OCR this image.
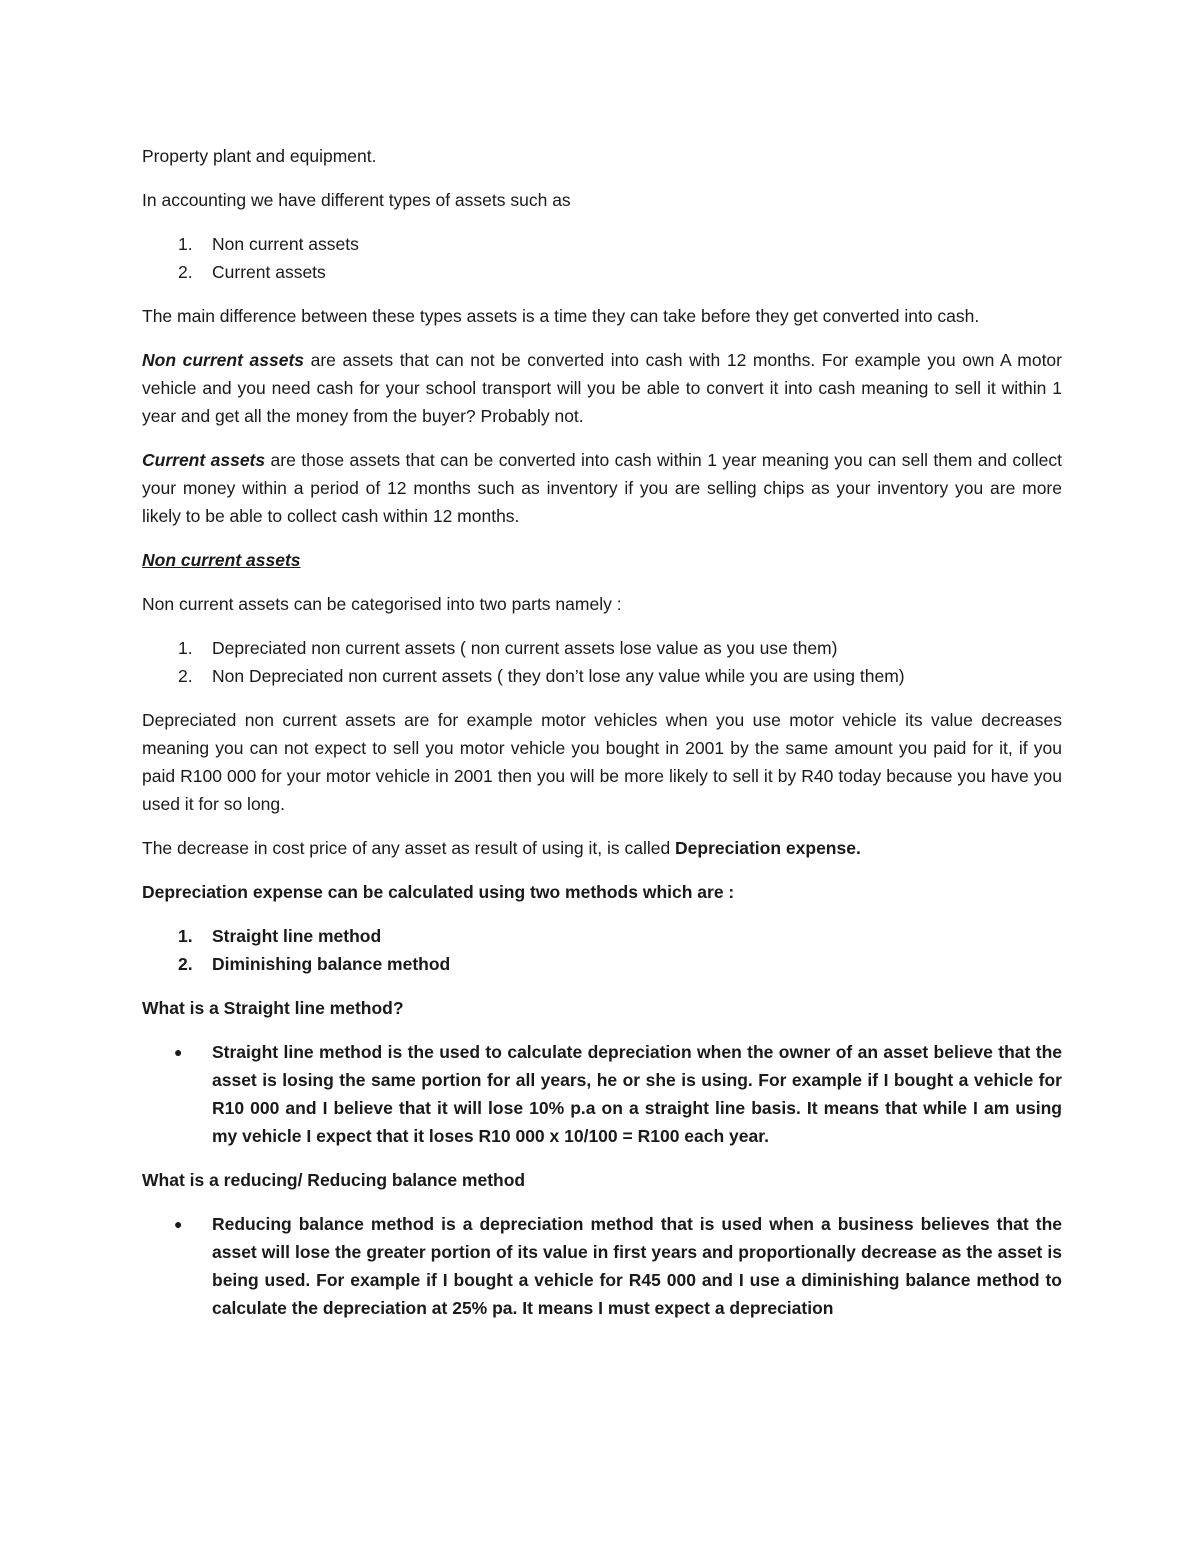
Property plant and equipment.

In accounting we have different types of assets such as

1. Non current assets
2. Current assets

The main difference between these types assets is a time they can take before they get converted into cash.

Non current assets are assets that can not be converted into cash with 12 months. For example you own A motor vehicle and you need cash for your school transport will you be able to convert it into cash meaning to sell it within 1 year and get all the money from the buyer? Probably not.

Current assets are those assets that can be converted into cash within 1 year meaning you can sell them and collect your money within a period of 12 months such as inventory if you are selling chips as your inventory you are more likely to be able to collect cash within 12 months.

Non current assets

Non current assets can be categorised into two parts namely :

1. Depreciated non current assets ( non current assets lose value as you use them)
2. Non Depreciated non current assets ( they don’t lose any value while you are using them)

Depreciated non current assets are for example motor vehicles when you use motor vehicle its value decreases meaning you can not expect to sell you motor vehicle you bought in 2001 by the same amount you paid for it, if you paid R100 000 for your motor vehicle in 2001 then you will be more likely to sell it by R40 today because you have you used it for so long.

The decrease in cost price of any asset as result of using it, is called Depreciation expense.

Depreciation expense can be calculated using two methods which are :

1. Straight line method
2. Diminishing balance method

What is a Straight line method?

● Straight line method is the used to calculate depreciation when the owner of an asset believe that the asset is losing the same portion for all years, he or she is using. For example if I bought a vehicle for R10 000 and I believe that it will lose 10% p.a on a straight line basis. It means that while I am using my vehicle I expect that it loses R10 000 x 10/100 = R100 each year.

What is a reducing/ Reducing balance method

● Reducing balance method is a depreciation method that is used when a business believes that the asset will lose the greater portion of its value in first years and proportionally decrease as the asset is being used. For example if I bought a vehicle for R45 000 and I use a diminishing balance method to calculate the depreciation at 25% pa. It means I must expect a depreciation
